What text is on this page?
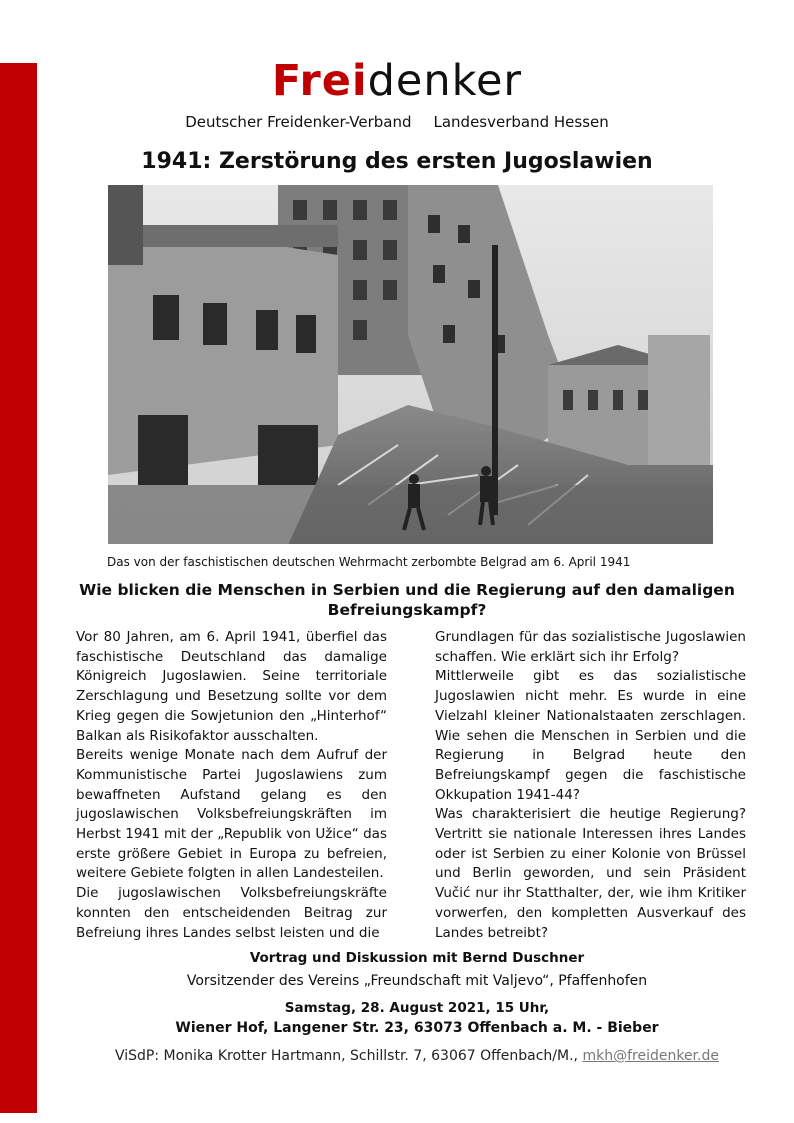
Freidenker
Deutscher Freidenker-Verband Landesverband Hessen
1941: Zerstörung des ersten Jugoslawien
Das von der faschistischen deutschen Wehrmacht zerbombte Belgrad am 6. April 1941
Wie blicken die Menschen in Serbien und die Regierung auf den damaligen Befreiungskampf?

Vor 80 Jahren, am 6. April 1941, überfiel das faschistische Deutschland das damalige Königreich Jugoslawien. Seine territoriale Zerschlagung und Besetzung sollte vor dem Krieg gegen die Sowjetunion den „Hinterhof“ Balkan als Risikofaktor ausschalten.

Bereits wenige Monate nach dem Aufruf der Kommunistische Partei Jugoslawiens zum bewaffneten Aufstand gelang es den jugoslawischen Volksbefreiungskräften im Herbst 1941 mit der „Republik von Užice“ das erste größere Gebiet in Europa zu befreien, weitere Gebiete folgten in allen Landesteilen.

Die jugoslawischen Volksbefreiungskräfte konnten den entscheidenden Beitrag zur Befreiung ihres Landes selbst leisten und die

Grundlagen für das sozialistische Jugoslawien schaffen. Wie erklärt sich ihr Erfolg?

Mittlerweile gibt es das sozialistische Jugoslawien nicht mehr. Es wurde in eine Vielzahl kleiner Nationalstaaten zerschlagen. Wie sehen die Menschen in Serbien und die Regierung in Belgrad heute den Befreiungskampf gegen die faschistische Okkupation 1941-44?

Was charakterisiert die heutige Regierung? Vertritt sie nationale Interessen ihres Landes oder ist Serbien zu einer Kolonie von Brüssel und Berlin geworden, und sein Präsident Vučić nur ihr Statthalter, der, wie ihm Kritiker vorwerfen, den kompletten Ausverkauf des Landes betreibt?

Vortrag und Diskussion mit Bernd Duschner
Vorsitzender des Vereins „Freundschaft mit Valjevo“, Pfaffenhofen
Samstag, 28. August 2021, 15 Uhr,
Wiener Hof, Langener Str. 23, 63073 Offenbach a. M. - Bieber
ViSdP: Monika Krotter Hartmann, Schillstr. 7, 63067 Offenbach/M., mkh@freidenker.de
